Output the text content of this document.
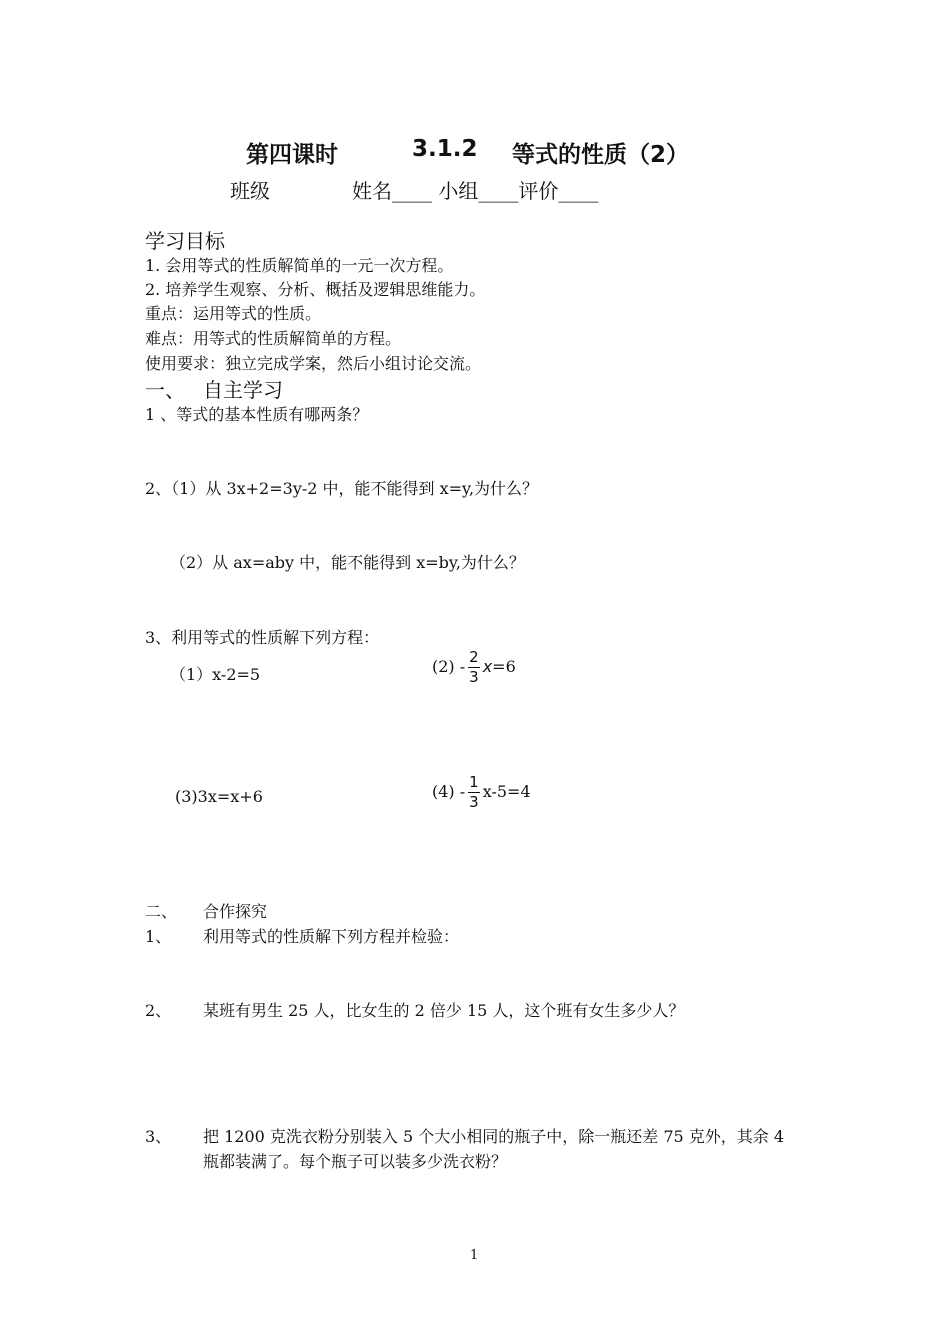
第四课时	3.1.2 等式的性质（2）
班级	姓名____ 小组____评价____
学习目标
1. 会用等式的性质解简单的一元一次方程。
2. 培养学生观察、分析、概括及逻辑思维能力。
重点：运用等式的性质。
难点：用等式的性质解简单的方程。
使用要求：独立完成学案，然后小组讨论交流。
一、 自主学习
1 、等式的基本性质有哪两条？
2、（1）从 3x+2=3y-2 中，能不能得到 x=y,为什么？
（2）从 ax=aby 中，能不能得到 x=by,为什么？
3、利用等式的性质解下列方程：
（1）x-2=5	$(2) - \frac{2}{3} x=6$
(3)3x=x+6	$(4) - \frac{1}{3} x-5=4$
二、 合作探究
1、 利用等式的性质解下列方程并检验：
2、 某班有男生 25 人，比女生的 2 倍少 15 人，这个班有女生多少人？
3、 把 1200 克洗衣粉分别装入 5 个大小相同的瓶子中，除一瓶还差 75 克外，其余 4
瓶都装满了。每个瓶子可以装多少洗衣粉？
1
